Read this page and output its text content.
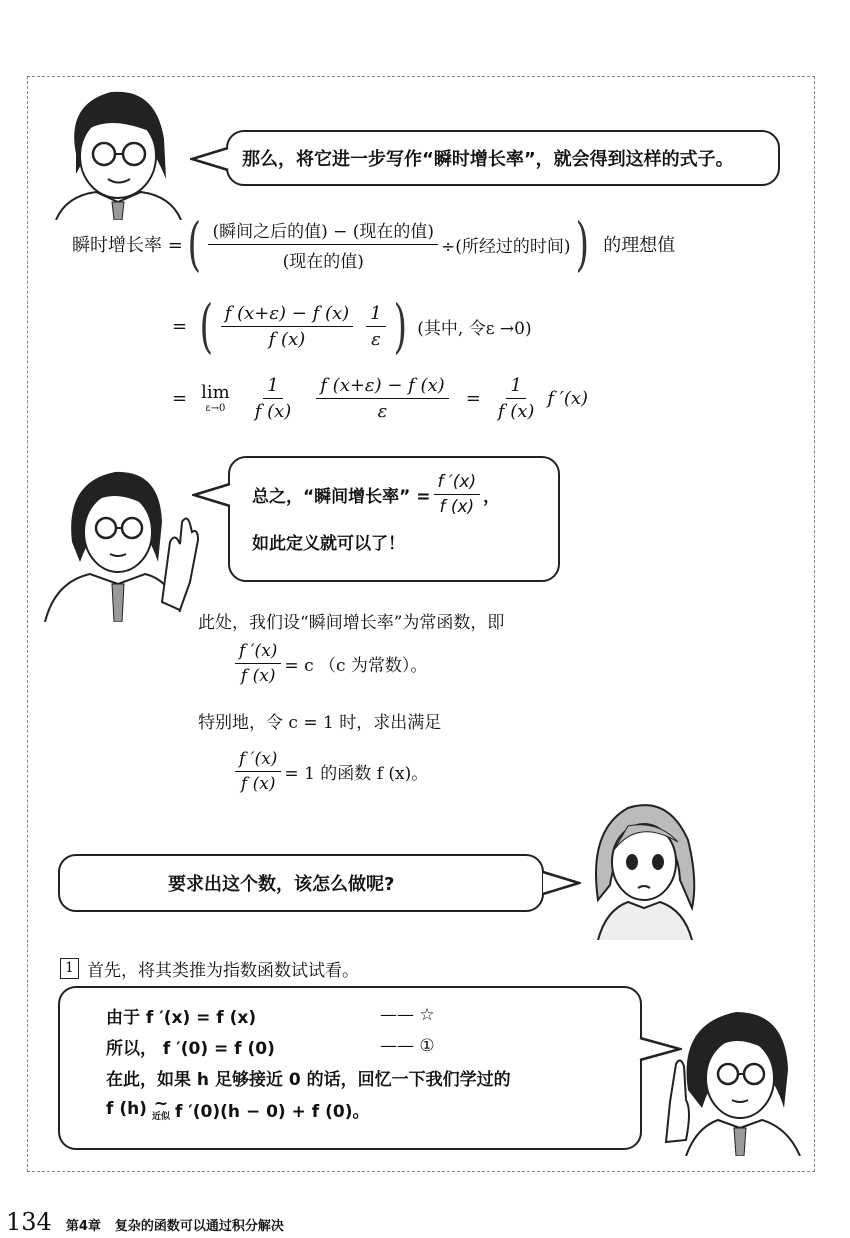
那么，将它进一步写作“瞬时增长率”，就会得到这样的式子。
瞬时增长率 = ( $\frac{\text{(瞬间之后的值) − (现在的值)}}{\text{(现在的值)}}$ ÷(所经过的时间) ) 的理想值
= ( $\frac{f (x+\varepsilon) - f (x)}{f (x)} \frac{1}{\varepsilon}$ ) (其中, 令ε →0)
= lim
$\varepsilon\to 0 \frac{1}{f (x)} \frac{f (x+\varepsilon) - f (x)}{\varepsilon} = \frac{1}{f (x)}$ f ′(x)
总之，“瞬间增长率” = $\frac{f '(x)}{f (x)}$ ，
如此定义就可以了！
此处，我们设“瞬间增长率”为常函数，即
$\frac{f '(x)}{f (x)} = c$ （c 为常数）。
特别地，令 c = 1 时，求出满足
$\frac{f '(x)}{f (x)} = 1$ 的函数 f (x)。
要求出这个数，该怎么做呢?
1 首先，将其类推为指数函数试试看。
由于 f ′(x) = f (x)	—— ☆
所以， f ′(0) = f (0)	—— ①
在此，如果 h 足够接近 0 的话，回忆一下我们学过的
f (h) ~
近似 f ′(0)(h − 0) + f (0)。
134 第4章 复杂的函数可以通过积分解决
